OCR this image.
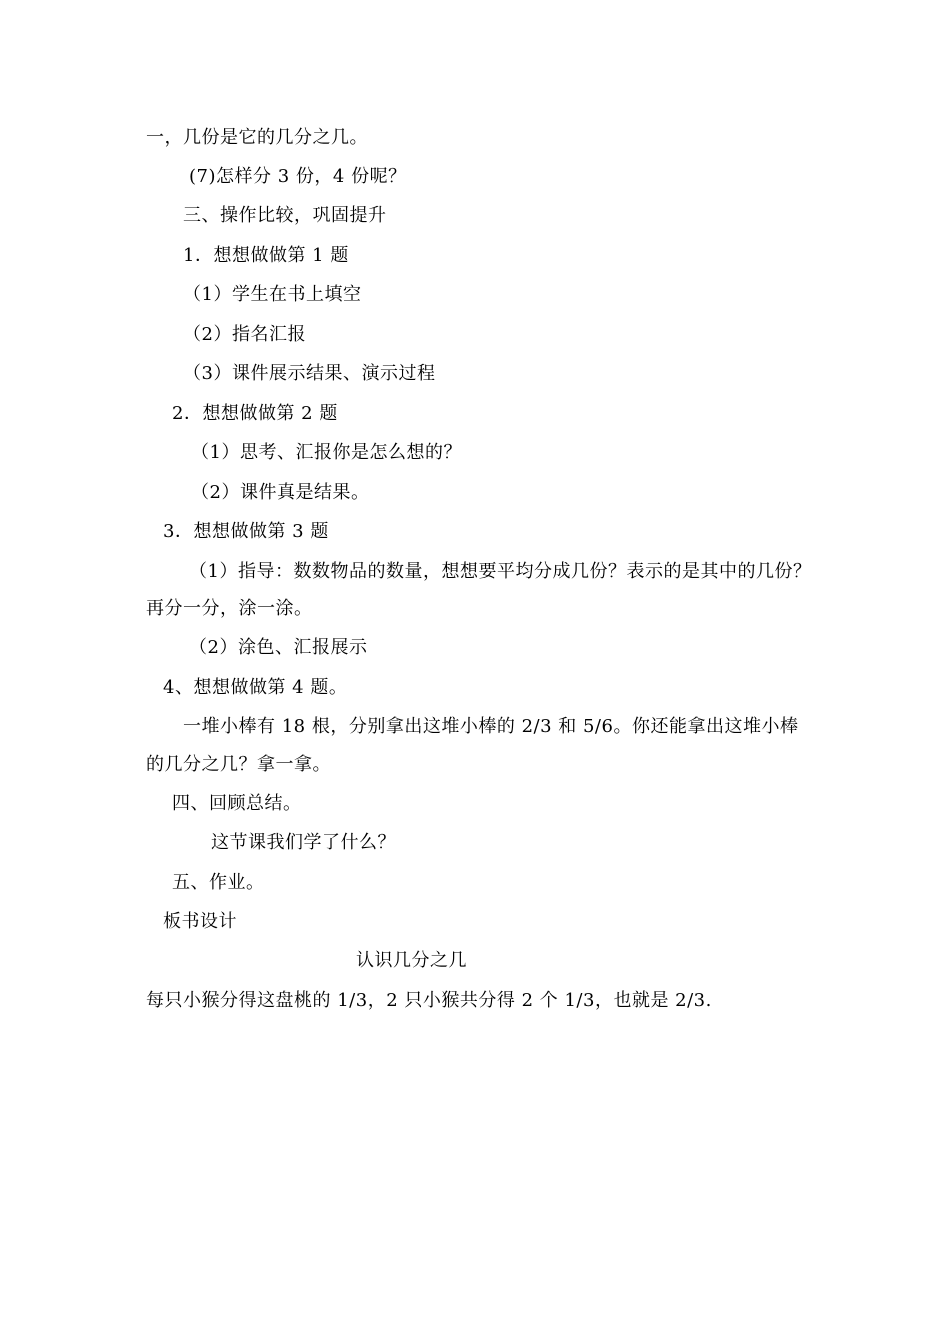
一，几份是它的几分之几。
(7)怎样分 3 份，4 份呢？
三、操作比较，巩固提升
1．想想做做第 1 题
（1）学生在书上填空
（2）指名汇报
（3）课件展示结果、演示过程
2．想想做做第 2 题
（1）思考、汇报你是怎么想的？
（2）课件真是结果。
3．想想做做第 3 题
（1）指导：数数物品的数量，想想要平均分成几份？表示的是其中的几份？
再分一分，涂一涂。
（2）涂色、汇报展示
4、想想做做第 4 题。
一堆小棒有 18 根，分别拿出这堆小棒的 2/3 和 5/6。你还能拿出这堆小棒
的几分之几？拿一拿。
四、回顾总结。
这节课我们学了什么？
五、作业。
板书设计
认识几分之几
每只小猴分得这盘桃的 1/3，2 只小猴共分得 2 个 1/3，也就是 2/3.
